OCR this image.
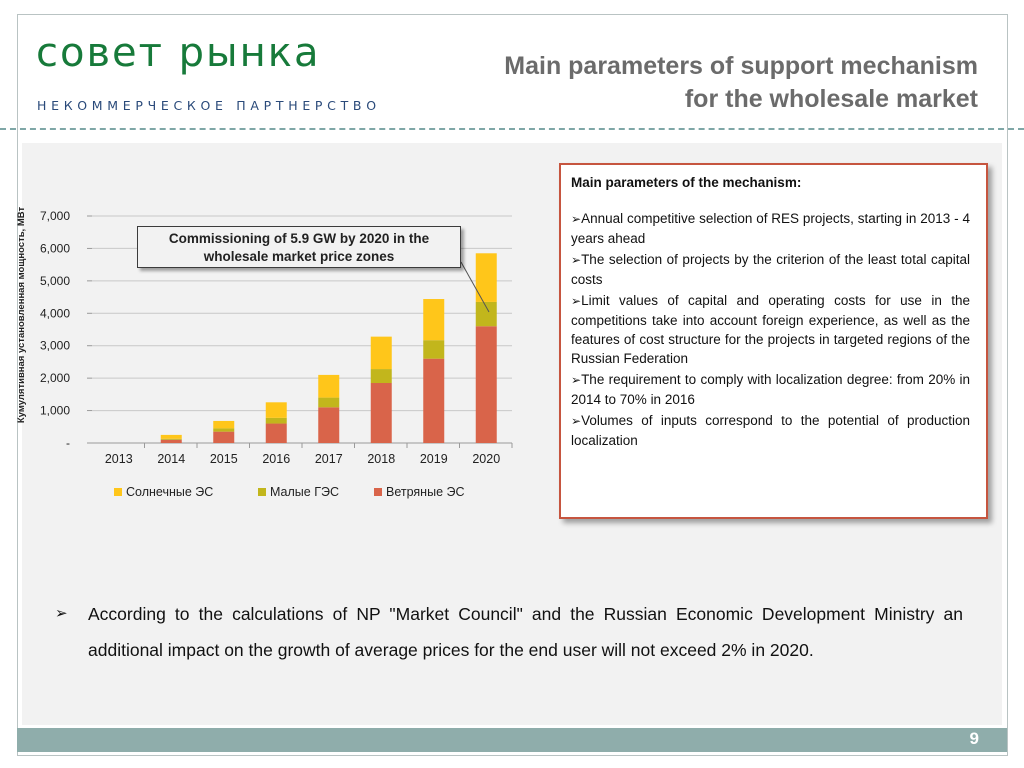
совет рынка
НЕКОММЕРЧЕСКОЕ ПАРТНЕРСТВО
Main parameters of support mechanism
for the wholesale market
-
1,000
2,000
3,000
4,000
5,000
6,000
7,000
Кумулятивная установленная мощность, МВт
2013 2014 2015 2016 2017 2018 2019 2020
Солнечные ЭС	Малые ГЭС	Ветряные ЭС
Commissioning of 5.9 GW by 2020 in the
wholesale market price zones
Main parameters of the mechanism:
➢Annual competitive selection of RES projects, starting in 2013 - 4 years ahead
➢The selection of projects by the criterion of the least total capital costs
➢Limit values of capital and operating costs for use in the competitions take into account foreign experience, as well as the features of cost structure for the projects in targeted regions of the Russian Federation
➢The requirement to comply with localization degree: from 20% in 2014 to 70% in 2016
➢Volumes of inputs correspond to the potential of production localization
➢ According to the calculations of NP "Market Council" and the Russian Economic Development Ministry an additional impact on the growth of average prices for the end user will not exceed 2% in 2020.
9
